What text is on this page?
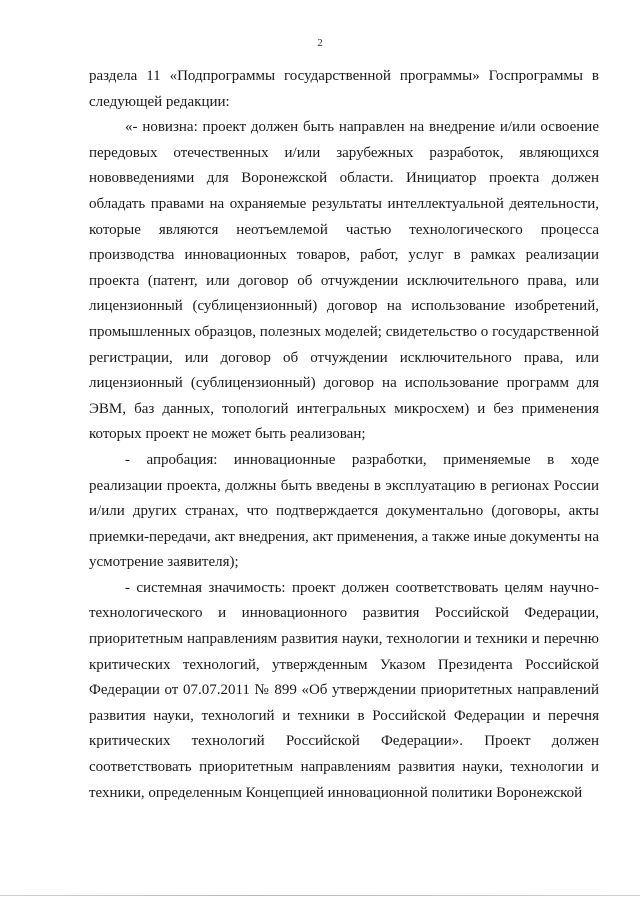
2

раздела 11 «Подпрограммы государственной программы» Госпрограммы в следующей редакции:

«- новизна: проект должен быть направлен на внедрение и/или освоение передовых отечественных и/или зарубежных разработок, являющихся нововведениями для Воронежской области. Инициатор проекта должен обладать правами на охраняемые результаты интеллектуальной деятельности, которые являются неотъемлемой частью технологического процесса производства инновационных товаров, работ, услуг в рамках реализации проекта (патент, или договор об отчуждении исключительного права, или лицензионный (сублицензионный) договор на использование изобретений, промышленных образцов, полезных моделей; свидетельство о государственной регистрации, или договор об отчуждении исключительного права, или лицензионный (сублицензионный) договор на использование программ для ЭВМ, баз данных, топологий интегральных микросхем) и без применения которых проект не может быть реализован;

- апробация: инновационные разработки, применяемые в ходе реализации проекта, должны быть введены в эксплуатацию в регионах России и/или других странах, что подтверждается документально (договоры, акты приемки-передачи, акт внедрения, акт применения, а также иные документы на усмотрение заявителя);

- системная значимость: проект должен соответствовать целям научно-технологического и инновационного развития Российской Федерации, приоритетным направлениям развития науки, технологии и техники и перечню критических технологий, утвержденным Указом Президента Российской Федерации от 07.07.2011 № 899 «Об утверждении приоритетных направлений развития науки, технологий и техники в Российской Федерации и перечня критических технологий Российской Федерации». Проект должен соответствовать приоритетным направлениям развития науки, технологии и техники, определенным Концепцией инновационной политики Воронежской
